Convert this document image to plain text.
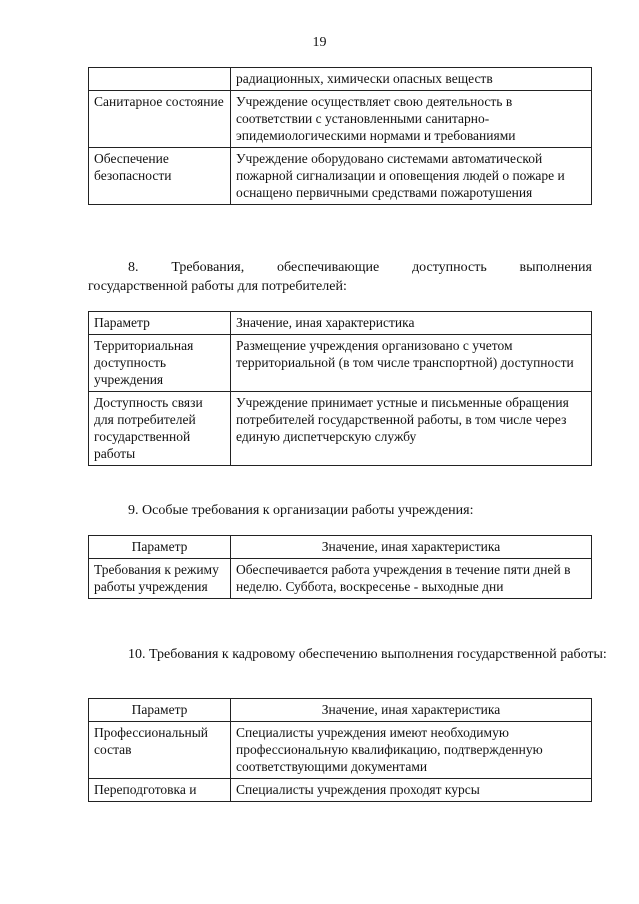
19
	радиационных, химически опасных веществ
Санитарное состояние	Учреждение осуществляет свою деятельность в соответствии с установленными санитарно-эпидемиологическими нормами и требованиями
Обеспечение безопасности	Учреждение оборудовано системами автоматической пожарной сигнализации и оповещения людей о пожаре и оснащено первичными средствами пожаротушения
8. Требования, обеспечивающие доступность выполнения
государственной работы для потребителей:
Параметр	Значение, иная характеристика
Территориальная доступность учреждения	Размещение учреждения организовано с учетом территориальной (в том числе транспортной) доступности
Доступность связи для потребителей государственной работы	Учреждение принимает устные и письменные обращения потребителей государственной работы, в том числе через единую диспетчерскую службу
9. Особые требования к организации работы учреждения:
Параметр	Значение, иная характеристика
Требования к режиму работы учреждения	Обеспечивается работа учреждения в течение пяти дней в неделю. Суббота, воскресенье - выходные дни
10. Требования к кадровому обеспечению выполнения государственной работы:
Параметр	Значение, иная характеристика
Профессиональный состав	Специалисты учреждения имеют необходимую профессиональную квалификацию, подтвержденную соответствующими документами
Переподготовка и	Специалисты учреждения проходят курсы
